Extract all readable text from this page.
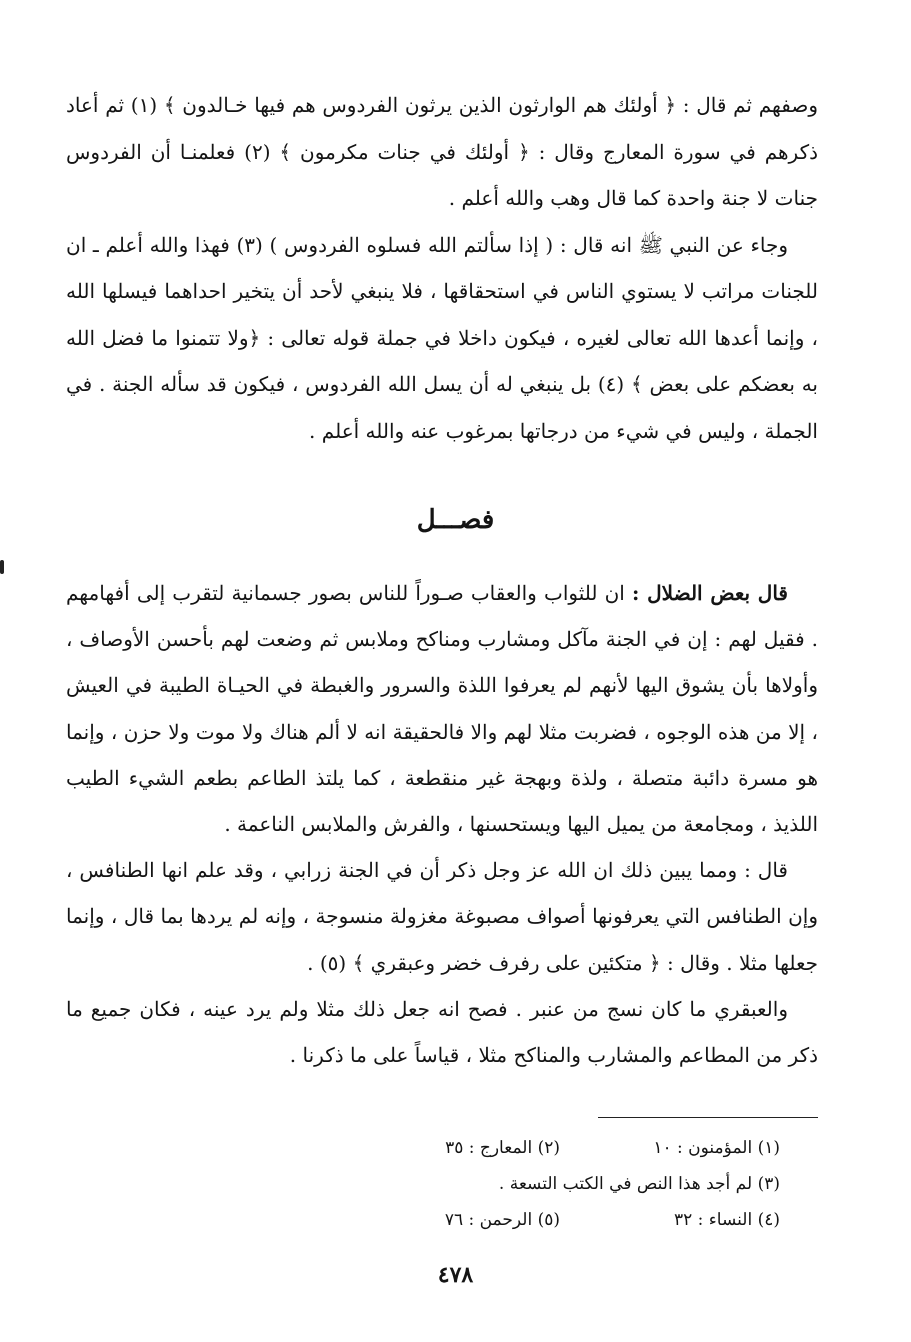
وصفهم ثم قال : ﴿ أولئك هم الوارثون الذين يرثون الفردوس هم فيها خـالدون ﴾ (١) ثم أعاد ذكرهم في سورة المعارج وقال : ﴿ أولئك في جنات مكرمون ﴾ (٢) فعلمنـا أن الفردوس جنات لا جنة واحدة كما قال وهب والله أعلم .

وجاء عن النبي ﷺ انه قال : ( إذا سألتم الله فسلوه الفردوس ) (٣) فهذا والله أعلم ـ ان للجنات مراتب لا يستوي الناس في استحقاقها ، فلا ينبغي لأحد أن يتخير احداهما فيسلها الله ، وإنما أعدها الله تعالى لغيره ، فيكون داخلا في جملة قوله تعالى : ﴿ولا تتمنوا ما فضل الله به بعضكم على بعض ﴾ (٤) بل ينبغي له أن يسل الله الفردوس ، فيكون قد سأله الجنة . في الجملة ، وليس في شيء من درجاتها بمرغوب عنه والله أعلم .

فصـــل

قال بعض الضلال : ان للثواب والعقاب صـوراً للناس بصور جسمانية لتقرب إلى أفهامهم . فقيل لهم : إن في الجنة مآكل ومشارب ومناكح وملابس ثم وضعت لهم بأحسن الأوصاف ، وأولاها بأن يشوق اليها لأنهم لم يعرفوا اللذة والسرور والغبطة في الحيـاة الطيبة في العيش ، إلا من هذه الوجوه ، فضربت مثلا لهم والا فالحقيقة انه لا ألم هناك ولا موت ولا حزن ، وإنما هو مسرة دائبة متصلة ، ولذة وبهجة غير منقطعة ، كما يلتذ الطاعم بطعم الشيء الطيب اللذيذ ، ومجامعة من يميل اليها ويستحسنها ، والفرش والملابس الناعمة .

قال : ومما يبين ذلك ان الله عز وجل ذكر أن في الجنة زرابي ، وقد علم انها الطنافس ، وإن الطنافس التي يعرفونها أصواف مصبوغة مغزولة منسوجة ، وإنه لم يردها بما قال ، وإنما جعلها مثلا . وقال : ﴿ متكئين على رفرف خضر وعبقري ﴾ (٥) .

والعبقري ما كان نسج من عنبر . فصح انه جعل ذلك مثلا ولم يرد عينه ، فكان جميع ما ذكر من المطاعم والمشارب والمناكح مثلا ، قياساً على ما ذكرنا .

(١) المؤمنون : ١٠
(٢) المعارج : ٣٥
(٣) لم أجد هذا النص في الكتب التسعة .
(٤) النساء : ٣٢
(٥) الرحمن : ٧٦
٤٧٨
